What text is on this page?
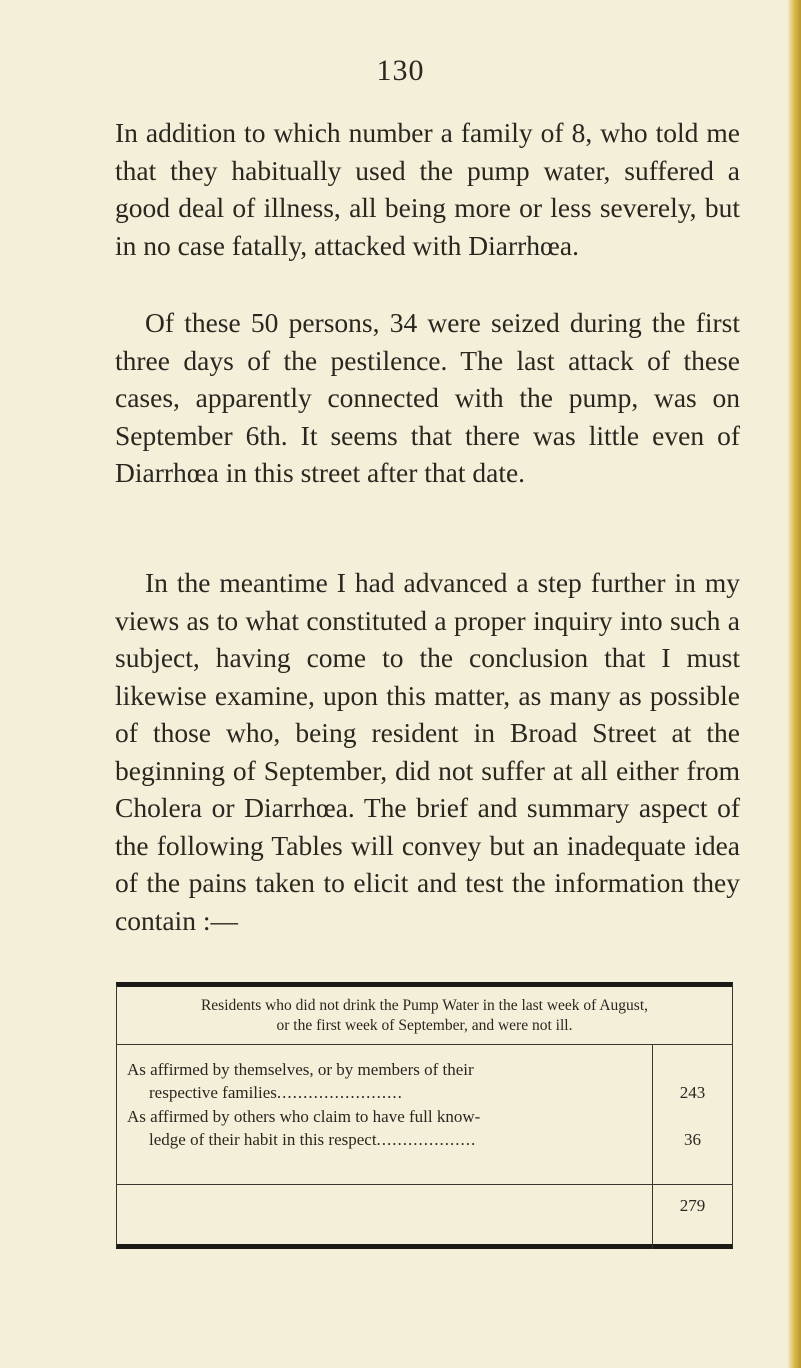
130

In addition to which number a family of 8, who told me that they habitually used the pump water, suffered a good deal of illness, all being more or less severely, but in no case fatally, attacked with Diarrhœa.

Of these 50 persons, 34 were seized during the first three days of the pestilence. The last attack of these cases, apparently connected with the pump, was on September 6th. It seems that there was little even of Diarrhœa in this street after that date.

In the meantime I had advanced a step further in my views as to what constituted a proper inquiry into such a subject, having come to the conclusion that I must likewise examine, upon this matter, as many as possible of those who, being resident in Broad Street at the beginning of September, did not suffer at all either from Cholera or Diarrhœa. The brief and summary aspect of the following Tables will convey but an inadequate idea of the pains taken to elicit and test the information they contain :—

Residents who did not drink the Pump Water in the last week of August,
or the first week of September, and were not ill.

As affirmed by themselves, or by members of their
respective families........................	243

As affirmed by others who claim to have full know-
ledge of their habit in this respect...................	36
279
